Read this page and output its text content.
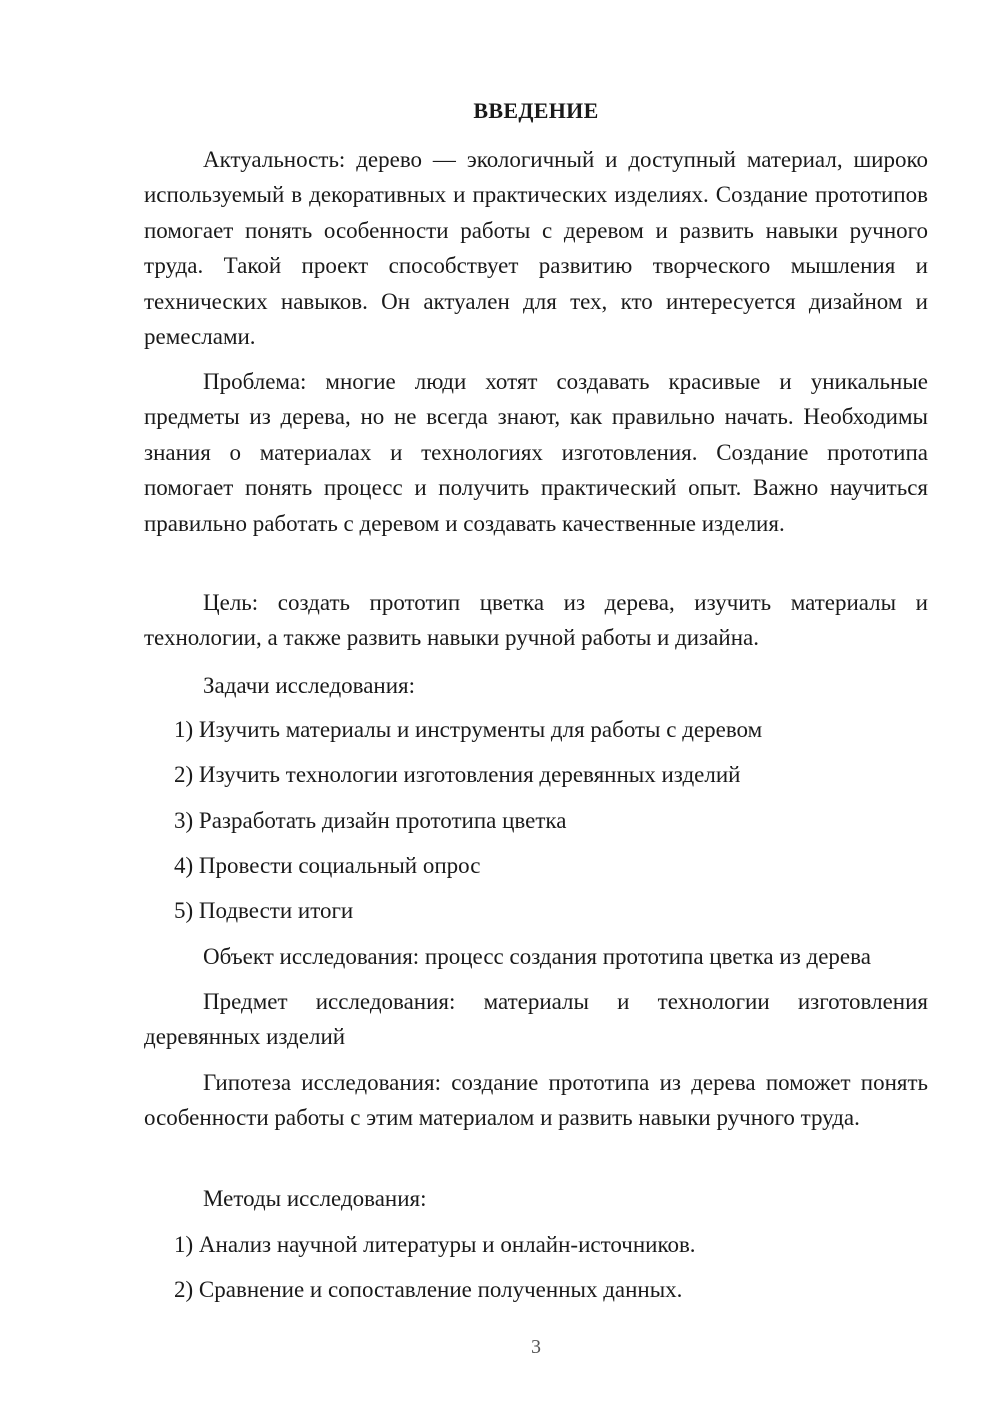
ВВЕДЕНИЕ

Актуальность: дерево — экологичный и доступный материал, широко используемый в декоративных и практических изделиях. Создание прототипов помогает понять особенности работы с деревом и развить навыки ручного труда. Такой проект способствует развитию творческого мышления и технических навыков. Он актуален для тех, кто интересуется дизайном и ремеслами.

Проблема: многие люди хотят создавать красивые и уникальные предметы из дерева, но не всегда знают, как правильно начать. Необходимы знания о материалах и технологиях изготовления. Создание прототипа помогает понять процесс и получить практический опыт. Важно научиться правильно работать с деревом и создавать качественные изделия.

Цель: создать прототип цветка из дерева, изучить материалы и технологии, а также развить навыки ручной работы и дизайна.

Задачи исследования:

1) Изучить материалы и инструменты для работы с деревом

2) Изучить технологии изготовления деревянных изделий

3) Разработать дизайн прототипа цветка

4) Провести социальный опрос

5) Подвести итоги

Объект исследования: процесс создания прототипа цветка из дерева

Предмет исследования: материалы и технологии изготовления деревянных изделий

Гипотеза исследования: создание прототипа из дерева поможет понять особенности работы с этим материалом и развить навыки ручного труда.

Методы исследования:

1) Анализ научной литературы и онлайн-источников.

2) Сравнение и сопоставление полученных данных.

3
